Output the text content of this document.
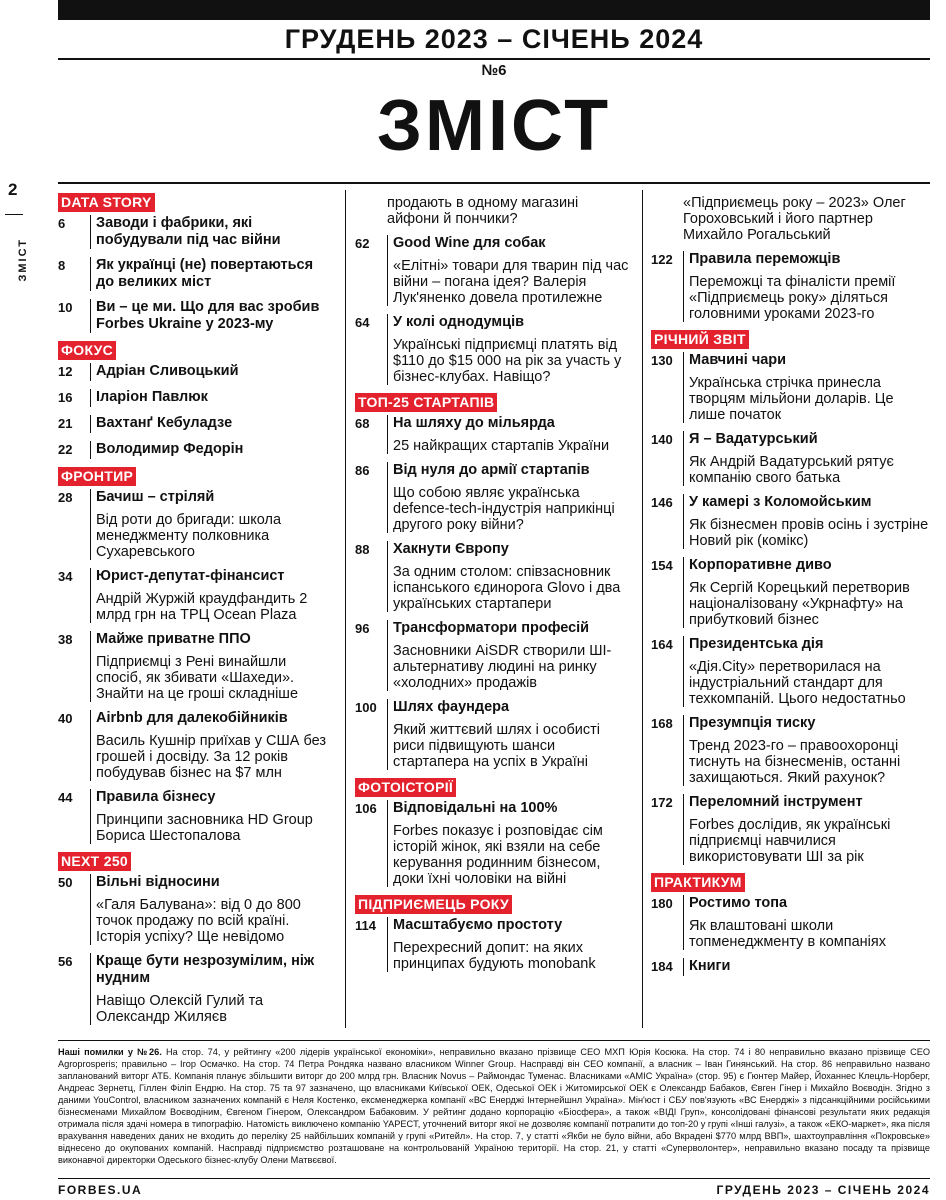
ГРУДЕНЬ 2023 – СІЧЕНЬ 2024
№6
ЗМІСТ
2
ЗМІСТ
DATA STORY
6	Заводи і фабрики, які побудували під час війни
8	Як українці (не) повертаються до великих міст
10	Ви – це ми. Що для вас зробив Forbes Ukraine у 2023-му
ФОКУС
12	Адріан Сливоцький
16	Іларіон Павлюк
21	Вахтанґ Кебуладзе
22	Володимир Федорін
ФРОНТИР
28	Бачиш – стріляй
Від роти до бригади: школа менеджменту полковника Сухаревського
34	Юрист-депутат-фінансист
Андрій Журжій краудфандить 2 млрд грн на ТРЦ Ocean Plaza
38	Майже приватне ППО
Підприємці з Рені винайшли спосіб, як збивати «Шахеди». Знайти на це гроші складніше
40	Airbnb для далекобійників
Василь Кушнір приїхав у США без грошей і досвіду. За 12 років побудував бізнес на $7 млн
44	Правила бізнесу
Принципи засновника HD Group Бориса Шестопалова
NEXT 250
50	Вільні відносини
«Галя Балувана»: від 0 до 800 точок продажу по всій країні. Історія успіху? Ще невідомо
56	Краще бути незрозумілим, ніж нудним
Навіщо Олексій Гулий та Олександр Жиляєв
продають в одному магазині айфони й пончики?
62	Good Wine для собак
«Елітні» товари для тварин під час війни – погана ідея? Валерія Лук'яненко довела протилежне
64	У колі однодумців
Українські підприємці платять від $110 до $15 000 на рік за участь у бізнес-клубах. Навіщо?
ТОП-25 СТАРТАПІВ
68	На шляху до мільярда
25 найкращих стартапів України
86	Від нуля до армії стартапів
Що собою являє українська defence-tech-індустрія наприкінці другого року війни?
88	Хакнути Європу
За одним столом: співзасновник іспанського єдинорога Glovo і два українських стартапери
96	Трансформатори професій
Засновники AiSDR створили ШІ-альтернативу людині на ринку «холодних» продажів
100	Шлях фаундера
Який життєвий шлях і особисті риси підвищують шанси стартапера на успіх в Україні
ФОТОІСТОРІЇ
106	Відповідальні на 100%
Forbes показує і розповідає сім історій жінок, які взяли на себе керування родинним бізнесом, доки їхні чоловіки на війні
ПІДПРИЄМЕЦЬ РОКУ
114	Масштабуємо простоту
Перехресний допит: на яких принципах будують monobank
«Підприємець року – 2023» Олег Гороховський і його партнер Михайло Рогальський
122	Правила переможців
Переможці та фіналісти премії «Підприємець року» діляться головними уроками 2023-го
РІЧНИЙ ЗВІТ
130	Мавчині чари
Українська стрічка принесла творцям мільйони доларів. Це лише початок
140	Я – Вадатурський
Як Андрій Вадатурський рятує компанію свого батька
146	У камері з Коломойським
Як бізнесмен провів осінь і зустріне Новий рік (комікс)
154	Корпоративне диво
Як Сергій Корецький перетворив націоналізовану «Укрнафту» на прибутковий бізнес
164	Президентська дія
«Дія.City» перетворилася на індустріальний стандарт для техкомпаній. Цього недостатньо
168	Презумпція тиску
Тренд 2023-го – правоохоронці тиснуть на бізнесменів, останні захищаються. Який рахунок?
172	Переломний інструмент
Forbes дослідив, як українські підприємці навчилися використовувати ШІ за рік
ПРАКТИКУМ
180	Ростимо топа
Як влаштовані школи топменеджменту в компаніях
184	Книги
Наші помилки у №26. На стор. 74, у рейтингу «200 лідерів української економіки», неправильно вказано прізвище CEO МХП Юрія Косюка. На стор. 74 і 80 неправильно вказано прізвище CEO Agroprosperis; правильно – Ігор Осмачко. На стор. 74 Петра Рондяка названо власником Winner Group. Насправді він CEO компанії, а власник – Іван Гинянський. На стор. 86 неправильно названо запланований виторг АТБ. Компанія планує збільшити виторг до 200 млрд грн. Власник Novus – Раймондас Туменас. Власниками «АМІС Україна» (стор. 95) є Гюнтер Майер, Йоханнес Клецль-Норберг, Андреас Зернетц, Гіллен Філіп Ендрю. На стор. 75 та 97 зазначено, що власниками Київської ОЕК, Одеської ОЕК і Житомирської ОЕК є Олександр Бабаков, Євген Гінер і Михайло Воєводін. Згідно з даними YouControl, власником зазначених компаній є Неля Костенко, ексменеджерка компанії «ВС Енерджі Інтернейшнл Україна». Мін'юст і СБУ пов'язують «ВС Енерджі» з підсанкційними російськими бізнесменами Михайлом Воєводіним, Євгеном Гінером, Олександром Бабаковим. У рейтинг додано корпорацію «Біосфера», а також «ВІДІ Груп», консолідовані фінансові результати яких редакція отримала після здачі номера в типографію. Натомість виключено компанію YAPECT, уточнений виторг якої не дозволяє компанії потрапити до топ-20 у групі «Інші галузі», а також «ЕКО-маркет», яка після врахування наведених даних не входить до переліку 25 найбільших компаній у групі «Ритейл». На стор. 7, у статті «Якби не було війни, або Вкрадені $770 млрд ВВП», шахтоуправління «Покровське» віднесено до окупованих компаній. Насправді підприємство розташоване на контрольованій Україною території. На стор. 21, у статті «Суперволонтер», неправильно вказано посаду та прізвище виконавчої директорки Одеського бізнес-клубу Олени Матвєєвої.
FORBES.UA	ГРУДЕНЬ 2023 – СІЧЕНЬ 2024
